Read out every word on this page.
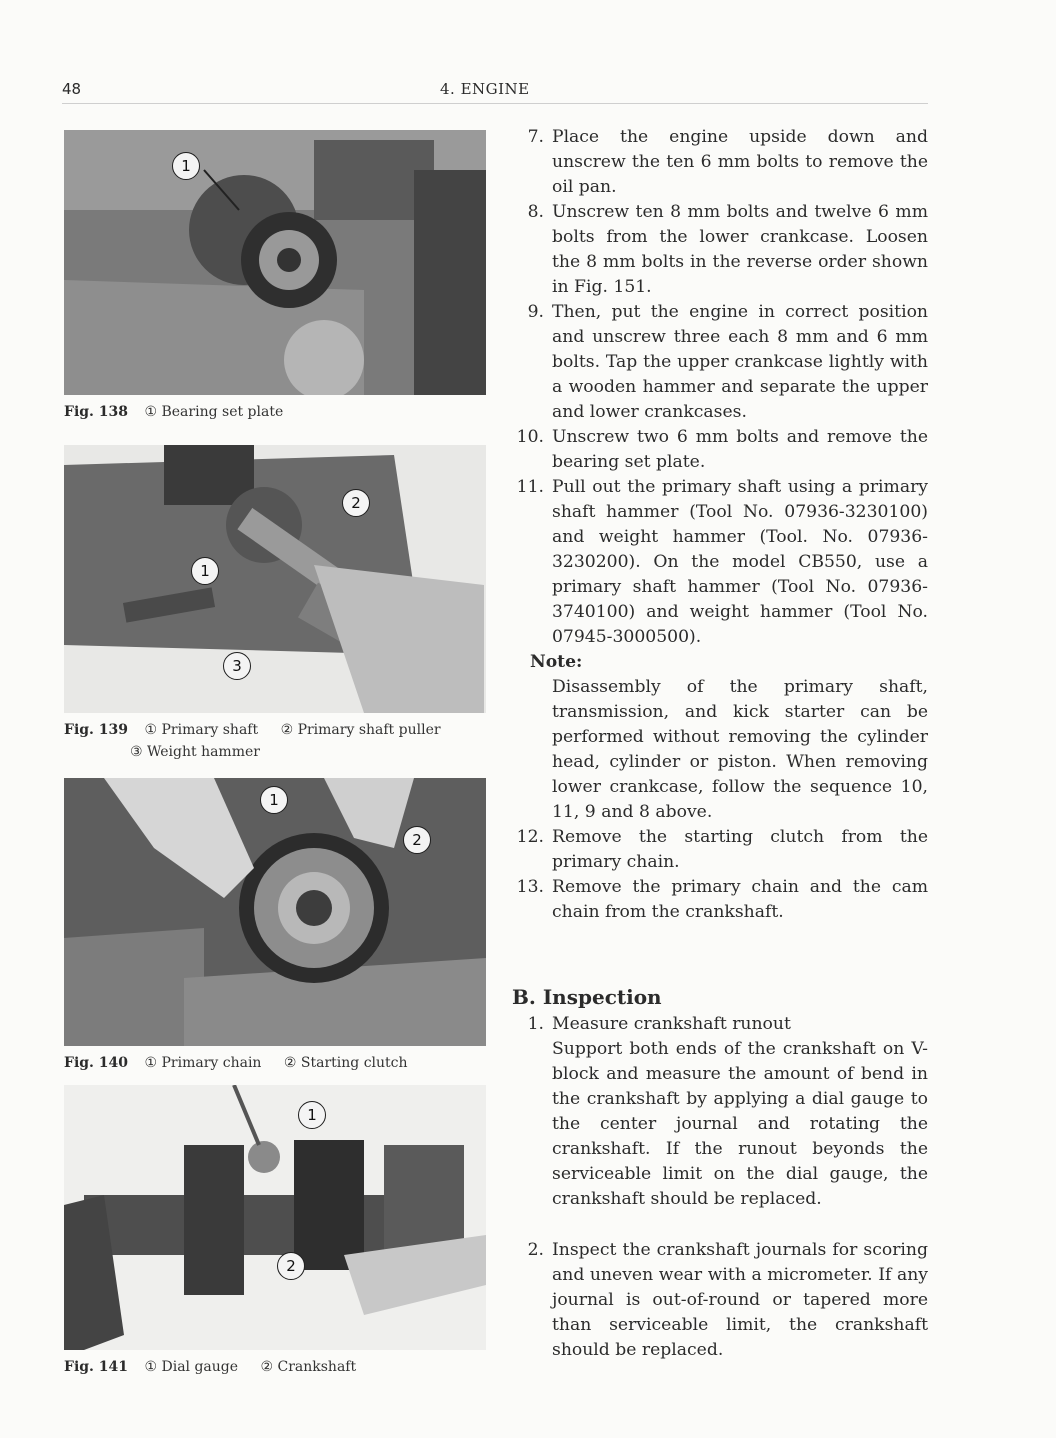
48	4. ENGINE
1
Fig. 138 ① Bearing set plate
1
2
3
Fig. 139 ① Primary shaft ② Primary shaft puller
③ Weight hammer
1
2
Fig. 140 ① Primary chain ② Starting clutch
1
2
Fig. 141 ① Dial gauge ② Crankshaft
7. Place the engine upside down and unscrew the ten 6 mm bolts to remove the oil pan.
8. Unscrew ten 8 mm bolts and twelve 6 mm bolts from the lower crankcase. Loosen the 8 mm bolts in the reverse order shown in Fig. 151.
9. Then, put the engine in correct position and unscrew three each 8 mm and 6 mm bolts. Tap the upper crankcase lightly with a wooden hammer and separate the upper and lower crankcases.
10. Unscrew two 6 mm bolts and remove the bearing set plate.
11. Pull out the primary shaft using a primary shaft hammer (Tool No. 07936-3230100) and weight hammer (Tool. No. 07936-3230200). On the model CB550, use a primary shaft hammer (Tool No. 07936-3740100) and weight hammer (Tool No. 07945-3000500).
Note:
Disassembly of the primary shaft, transmission, and kick starter can be performed without removing the cylinder head, cylinder or piston. When removing lower crankcase, follow the sequence 10, 11, 9 and 8 above.
12. Remove the starting clutch from the primary chain.
13. Remove the primary chain and the cam chain from the crankshaft.
B. Inspection
1. Measure crankshaft runout
Support both ends of the crankshaft on V-block and measure the amount of bend in the crankshaft by applying a dial gauge to the center journal and rotating the crankshaft. If the runout beyonds the serviceable limit on the dial gauge, the crankshaft should be replaced.
2. Inspect the crankshaft journals for scoring and uneven wear with a micrometer. If any journal is out-of-round or tapered more than serviceable limit, the crankshaft should be replaced.
